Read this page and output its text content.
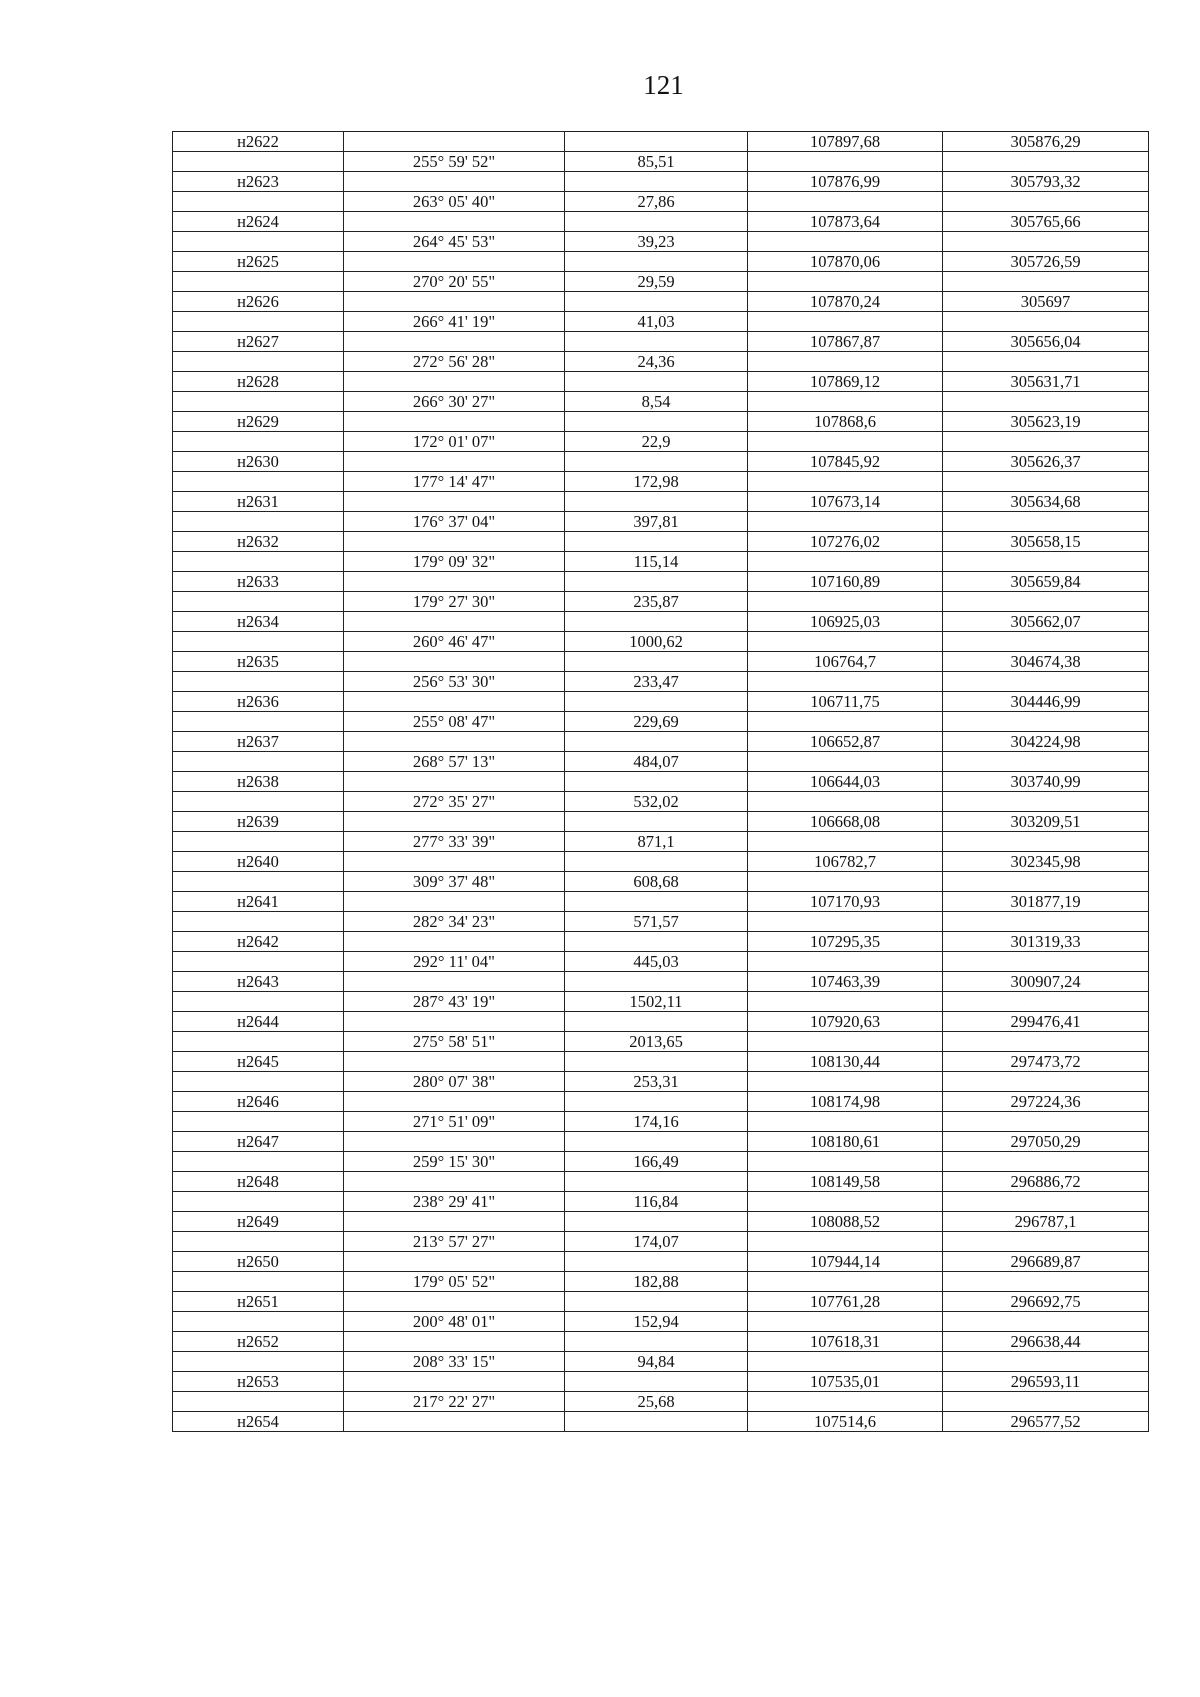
121
н2622			107897,68	305876,29
	255° 59' 52"	85,51		
н2623			107876,99	305793,32
	263° 05' 40"	27,86		
н2624			107873,64	305765,66
	264° 45' 53"	39,23		
н2625			107870,06	305726,59
	270° 20' 55"	29,59		
н2626			107870,24	305697
	266° 41' 19"	41,03		
н2627			107867,87	305656,04
	272° 56' 28"	24,36		
н2628			107869,12	305631,71
	266° 30' 27"	8,54		
н2629			107868,6	305623,19
	172° 01' 07"	22,9		
н2630			107845,92	305626,37
	177° 14' 47"	172,98		
н2631			107673,14	305634,68
	176° 37' 04"	397,81		
н2632			107276,02	305658,15
	179° 09' 32"	115,14		
н2633			107160,89	305659,84
	179° 27' 30"	235,87		
н2634			106925,03	305662,07
	260° 46' 47"	1000,62		
н2635			106764,7	304674,38
	256° 53' 30"	233,47		
н2636			106711,75	304446,99
	255° 08' 47"	229,69		
н2637			106652,87	304224,98
	268° 57' 13"	484,07		
н2638			106644,03	303740,99
	272° 35' 27"	532,02		
н2639			106668,08	303209,51
	277° 33' 39"	871,1		
н2640			106782,7	302345,98
	309° 37' 48"	608,68		
н2641			107170,93	301877,19
	282° 34' 23"	571,57		
н2642			107295,35	301319,33
	292° 11' 04"	445,03		
н2643			107463,39	300907,24
	287° 43' 19"	1502,11		
н2644			107920,63	299476,41
	275° 58' 51"	2013,65		
н2645			108130,44	297473,72
	280° 07' 38"	253,31		
н2646			108174,98	297224,36
	271° 51' 09"	174,16		
н2647			108180,61	297050,29
	259° 15' 30"	166,49		
н2648			108149,58	296886,72
	238° 29' 41"	116,84		
н2649			108088,52	296787,1
	213° 57' 27"	174,07		
н2650			107944,14	296689,87
	179° 05' 52"	182,88		
н2651			107761,28	296692,75
	200° 48' 01"	152,94		
н2652			107618,31	296638,44
	208° 33' 15"	94,84		
н2653			107535,01	296593,11
	217° 22' 27"	25,68		
н2654			107514,6	296577,52
